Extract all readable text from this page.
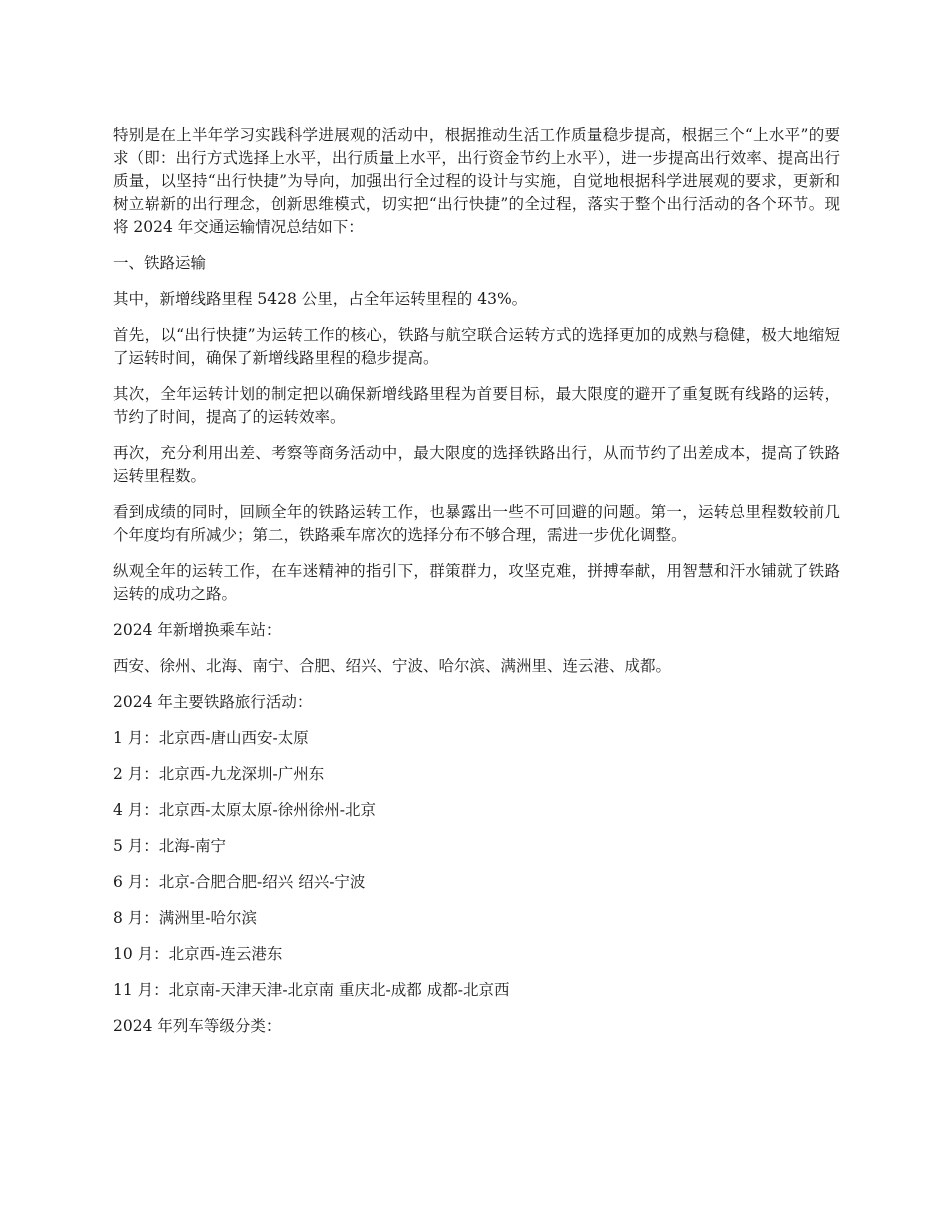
特别是在上半年学习实践科学进展观的活动中，根据推动生活工作质量稳步提高，根据三个“上水平”的要求（即：出行方式选择上水平，出行质量上水平，出行资金节约上水平），进一步提高出行效率、提高出行质量，以坚持“出行快捷”为导向，加强出行全过程的设计与实施，自觉地根据科学进展观的要求，更新和树立崭新的出行理念，创新思维模式，切实把“出行快捷”的全过程，落实于整个出行活动的各个环节。现将 2024 年交通运输情况总结如下：

一、铁路运输

其中，新增线路里程 5428 公里，占全年运转里程的 43%。

首先，以“出行快捷”为运转工作的核心，铁路与航空联合运转方式的选择更加的成熟与稳健，极大地缩短了运转时间，确保了新增线路里程的稳步提高。

其次，全年运转计划的制定把以确保新增线路里程为首要目标，最大限度的避开了重复既有线路的运转，节约了时间，提高了的运转效率。

再次，充分利用出差、考察等商务活动中，最大限度的选择铁路出行，从而节约了出差成本，提高了铁路运转里程数。

看到成绩的同时，回顾全年的铁路运转工作，也暴露出一些不可回避的问题。第一，运转总里程数较前几个年度均有所减少；第二，铁路乘车席次的选择分布不够合理，需进一步优化调整。

纵观全年的运转工作，在车迷精神的指引下，群策群力，攻坚克难，拼搏奉献，用智慧和汗水铺就了铁路运转的成功之路。

2024 年新增换乘车站：

西安、徐州、北海、南宁、合肥、绍兴、宁波、哈尔滨、满洲里、连云港、成都。

2024 年主要铁路旅行活动：

1 月：北京西-唐山西安-太原

2 月：北京西-九龙深圳-广州东

4 月：北京西-太原太原-徐州徐州-北京

5 月：北海-南宁

6 月：北京-合肥合肥-绍兴 绍兴-宁波

8 月：满洲里-哈尔滨

10 月：北京西-连云港东

11 月：北京南-天津天津-北京南 重庆北-成都 成都-北京西

2024 年列车等级分类：
